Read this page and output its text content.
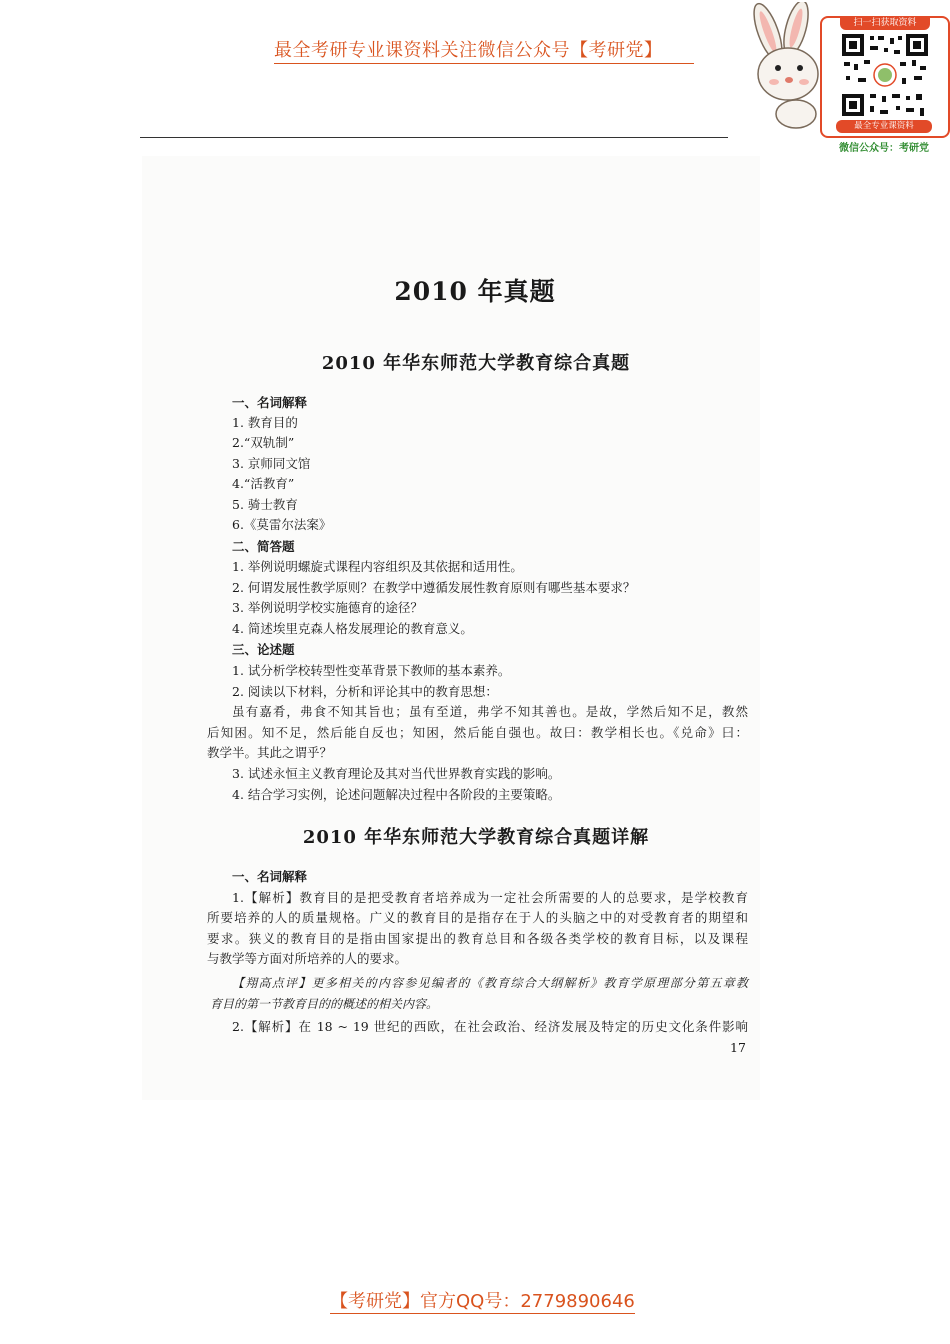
最全考研专业课资料关注微信公众号【考研党】
扫一扫获取资料
最全专业课资料
微信公众号：考研党
2010 年真题
2010 年华东师范大学教育综合真题
一、名词解释
1. 教育目的
2.“双轨制”
3. 京师同文馆
4.“活教育”
5. 骑士教育
6.《莫雷尔法案》
二、简答题
1. 举例说明螺旋式课程内容组织及其依据和适用性。
2. 何谓发展性教学原则？在教学中遵循发展性教育原则有哪些基本要求？
3. 举例说明学校实施德育的途径？
4. 简述埃里克森人格发展理论的教育意义。
三、论述题
1. 试分析学校转型性变革背景下教师的基本素养。
2. 阅读以下材料，分析和评论其中的教育思想：
虽有嘉肴，弗食不知其旨也；虽有至道，弗学不知其善也。是故，学然后知不足，教然
后知困。知不足，然后能自反也；知困，然后能自强也。故曰：教学相长也。《兑命》曰：
教学半。其此之谓乎？
3. 试述永恒主义教育理论及其对当代世界教育实践的影响。
4. 结合学习实例，论述问题解决过程中各阶段的主要策略。
2010 年华东师范大学教育综合真题详解
一、名词解释
1.【解析】教育目的是把受教育者培养成为一定社会所需要的人的总要求，是学校教育
所要培养的人的质量规格。广义的教育目的是指存在于人的头脑之中的对受教育者的期望和
要求。狭义的教育目的是指由国家提出的教育总目和各级各类学校的教育目标，以及课程
与教学等方面对所培养的人的要求。
【翔高点评】更多相关的内容参见编者的《教育综合大纲解析》教育学原理部分第五章教
育目的第一节教育目的的概述的相关内容。
2.【解析】在 18 ~ 19 世纪的西欧，在社会政治、经济发展及特定的历史文化条件影响
17
【考研党】官方QQ号：2779890646
